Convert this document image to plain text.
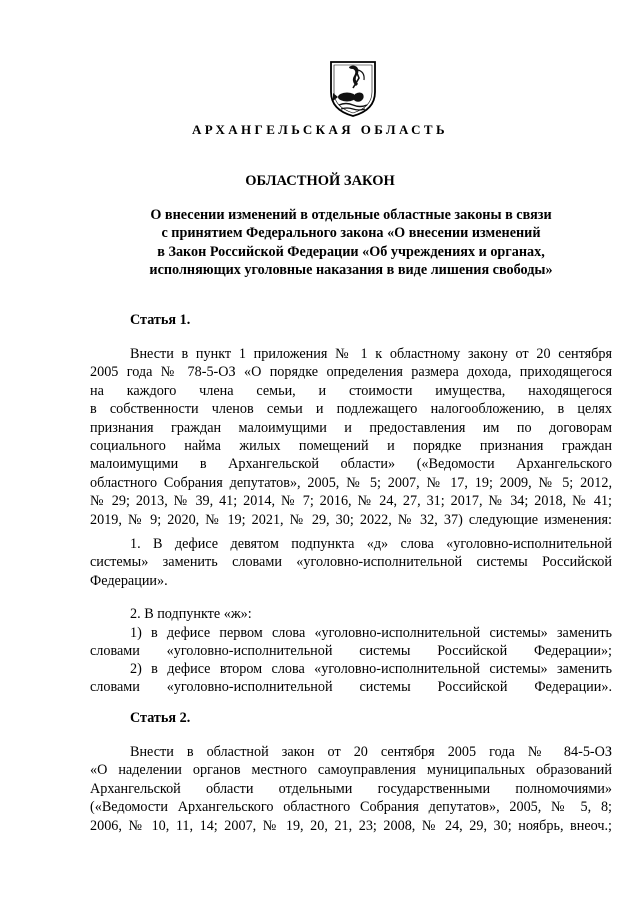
АРХАНГЕЛЬСКАЯ ОБЛАСТЬ
ОБЛАСТНОЙ ЗАКОН
О внесении изменений в отдельные областные законы в связи
с принятием Федерального закона «О внесении изменений
в Закон Российской Федерации «Об учреждениях и органах,
исполняющих уголовные наказания в виде лишения свободы»
Статья 1.
Внести в пункт 1 приложения № 1 к областному закону от 20 сентября
2005 года № 78-5-ОЗ «О порядке определения размера дохода, приходящегося
на каждого члена семьи, и стоимости имущества, находящегося
в собственности членов семьи и подлежащего налогообложению, в целях
признания граждан малоимущими и предоставления им по договорам
социального найма жилых помещений и порядке признания граждан
малоимущими в Архангельской области» («Ведомости Архангельского
областного Собрания депутатов», 2005, № 5; 2007, № 17, 19; 2009, № 5; 2012,
№ 29; 2013, № 39, 41; 2014, № 7; 2016, № 24, 27, 31; 2017, № 34; 2018, № 41;
2019, № 9; 2020, № 19; 2021, № 29, 30; 2022, № 32, 37) следующие изменения:
1. В дефисе девятом подпункта «д» слова «уголовно-исполнительной
системы» заменить словами «уголовно-исполнительной системы Российской
Федерации».
2. В подпункте «ж»:
1) в дефисе первом слова «уголовно-исполнительной системы» заменить
словами «уголовно-исполнительной системы Российской Федерации»;
2) в дефисе втором слова «уголовно-исполнительной системы» заменить
словами «уголовно-исполнительной системы Российской Федерации».
Статья 2.
Внести в областной закон от 20 сентября 2005 года № 84-5-ОЗ
«О наделении органов местного самоуправления муниципальных образований
Архангельской области отдельными государственными полномочиями»
(«Ведомости Архангельского областного Собрания депутатов», 2005, № 5, 8;
2006, № 10, 11, 14; 2007, № 19, 20, 21, 23; 2008, № 24, 29, 30; ноябрь, внеоч.;
